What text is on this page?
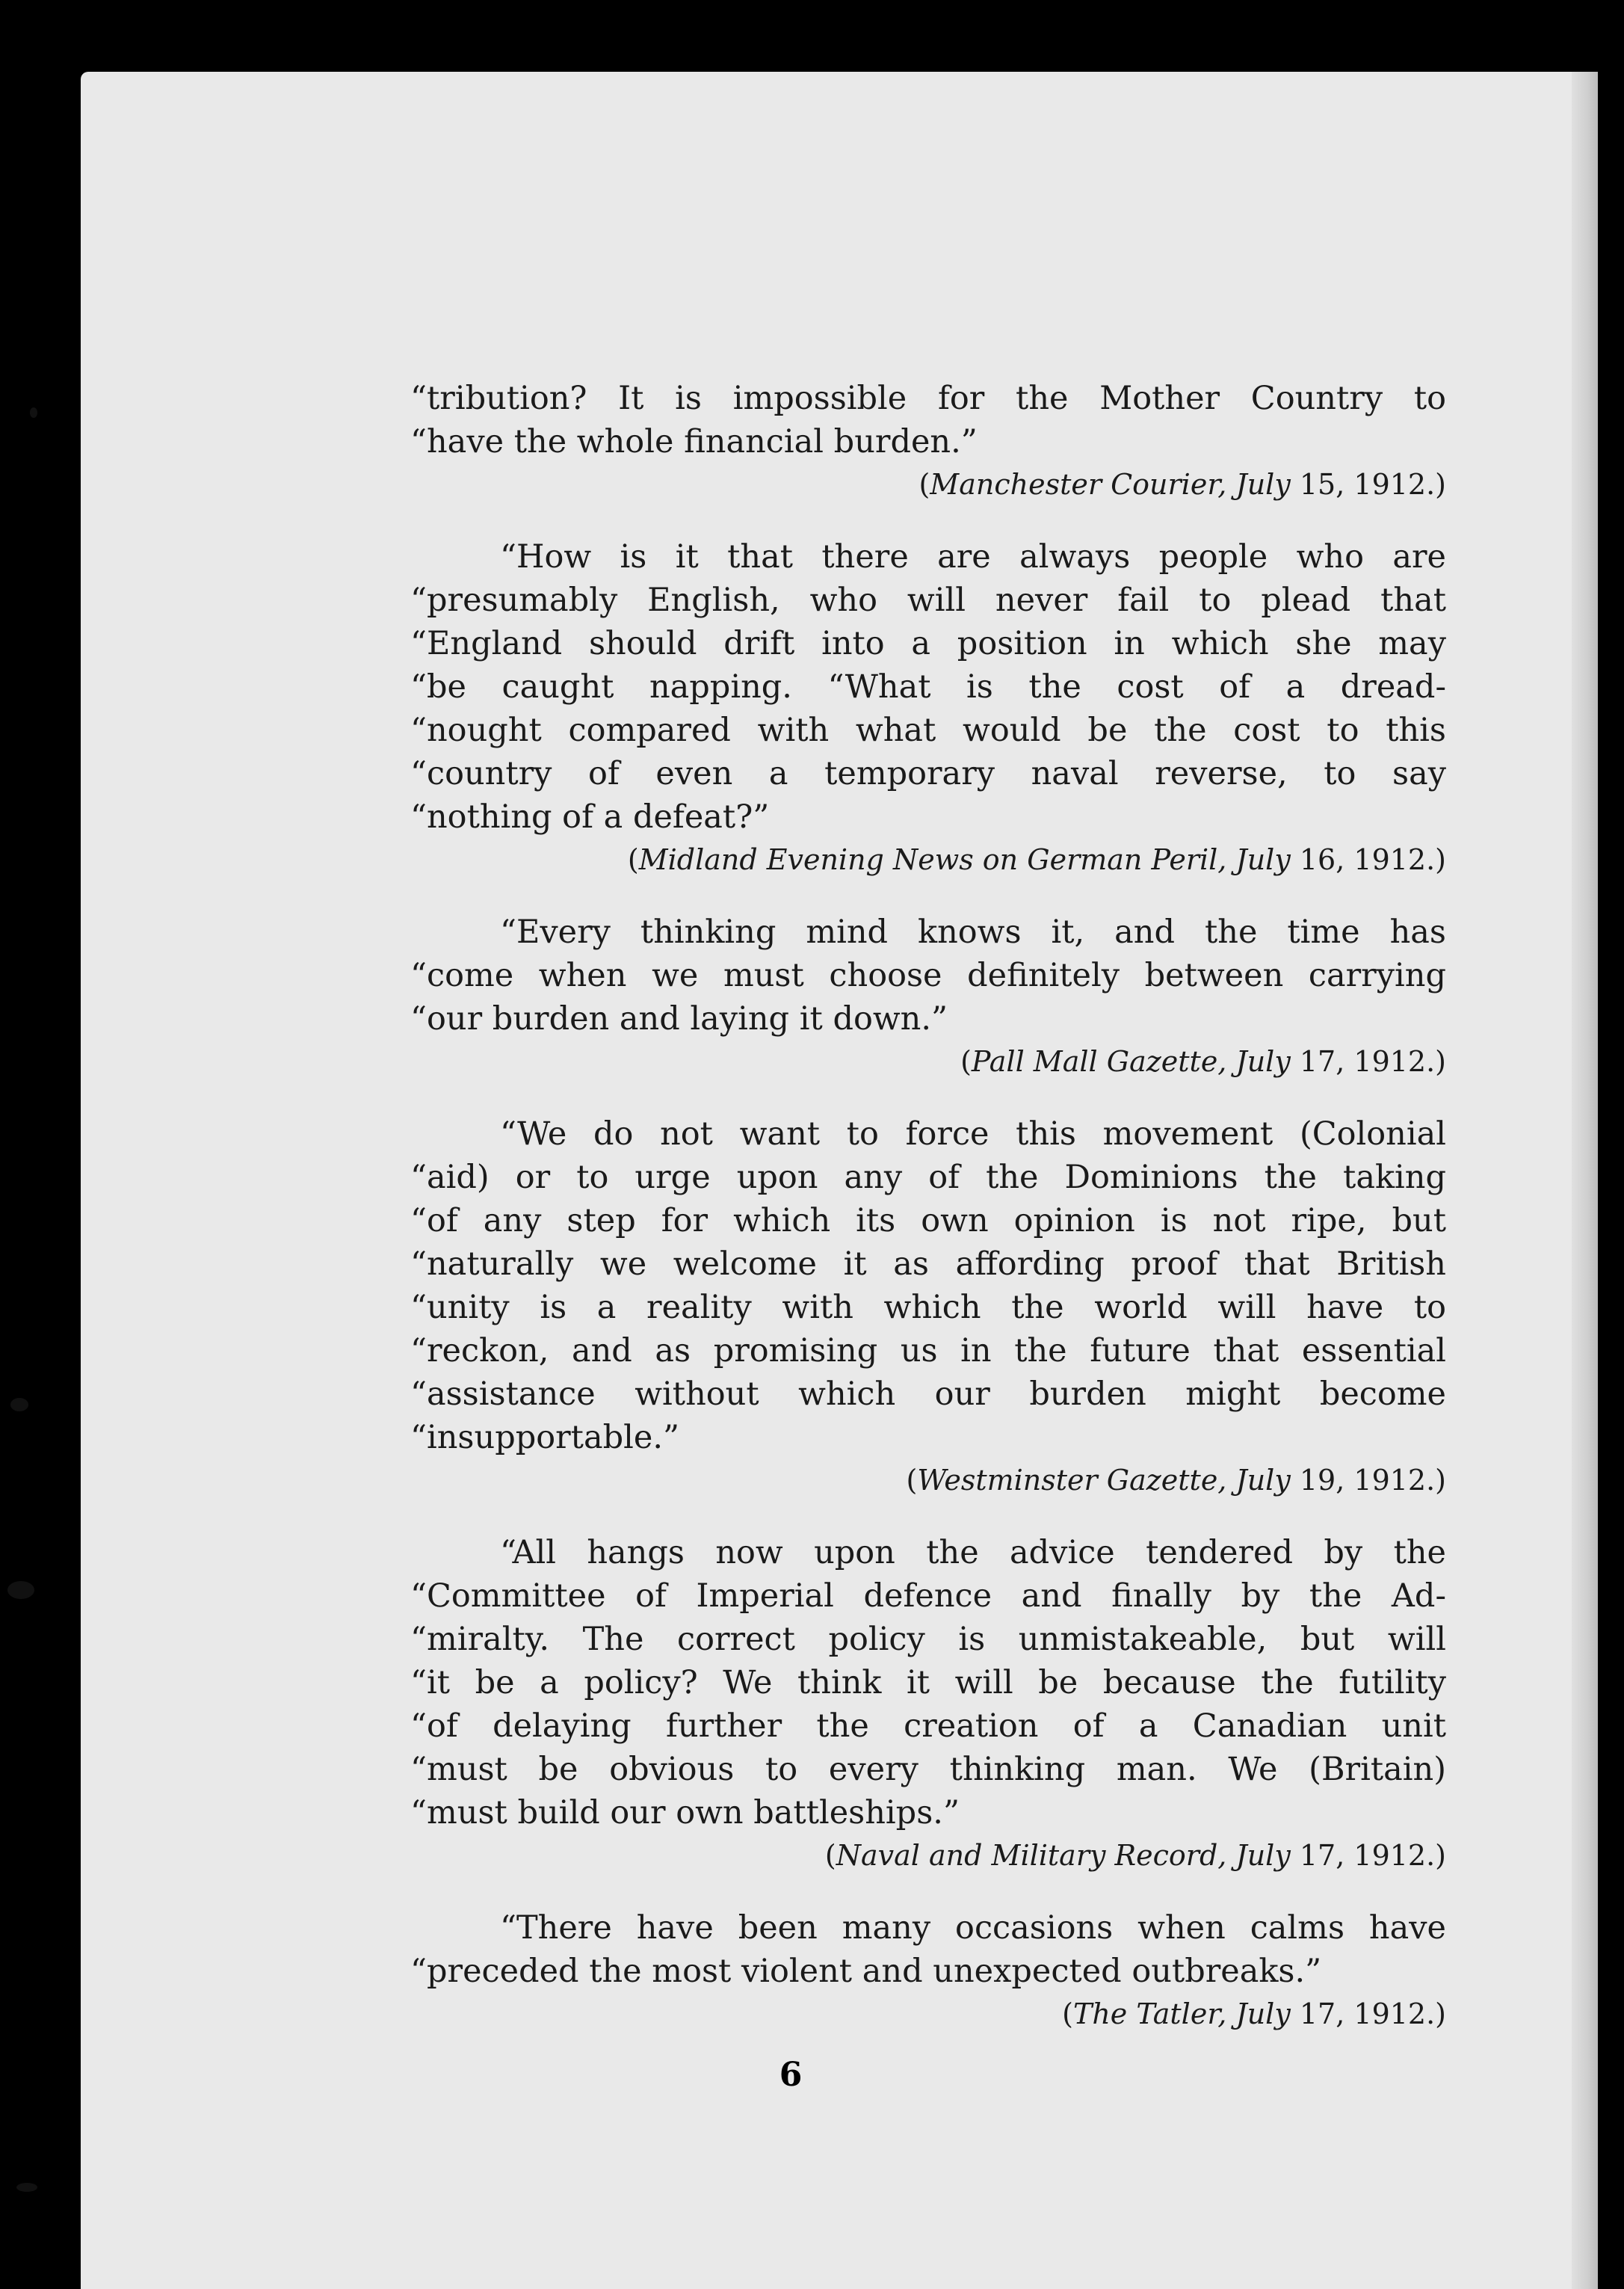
“tribution? It is impossible for the Mother Country to
“have the whole financial burden.”
(Manchester Courier, July 15, 1912.)
“How is it that there are always people who are
“presumably English, who will never fail to plead that
“England should drift into a position in which she may
“be caught napping. “What is the cost of a dread-
“nought compared with what would be the cost to this
“country of even a temporary naval reverse, to say
“nothing of a defeat?”
(Midland Evening News on German Peril, July 16, 1912.)
“Every thinking mind knows it, and the time has
“come when we must choose definitely between carrying
“our burden and laying it down.”
(Pall Mall Gazette, July 17, 1912.)
“We do not want to force this movement (Colonial
“aid) or to urge upon any of the Dominions the taking
“of any step for which its own opinion is not ripe, but
“naturally we welcome it as affording proof that British
“unity is a reality with which the world will have to
“reckon, and as promising us in the future that essential
“assistance without which our burden might become
“insupportable.”
(Westminster Gazette, July 19, 1912.)
“All hangs now upon the advice tendered by the
“Committee of Imperial defence and finally by the Ad-
“miralty. The correct policy is unmistakeable, but will
“it be a policy? We think it will be because the futility
“of delaying further the creation of a Canadian unit
“must be obvious to every thinking man. We (Britain)
“must build our own battleships.”
(Naval and Military Record, July 17, 1912.)
“There have been many occasions when calms have
“preceded the most violent and unexpected outbreaks.”
(The Tatler, July 17, 1912.)
6
